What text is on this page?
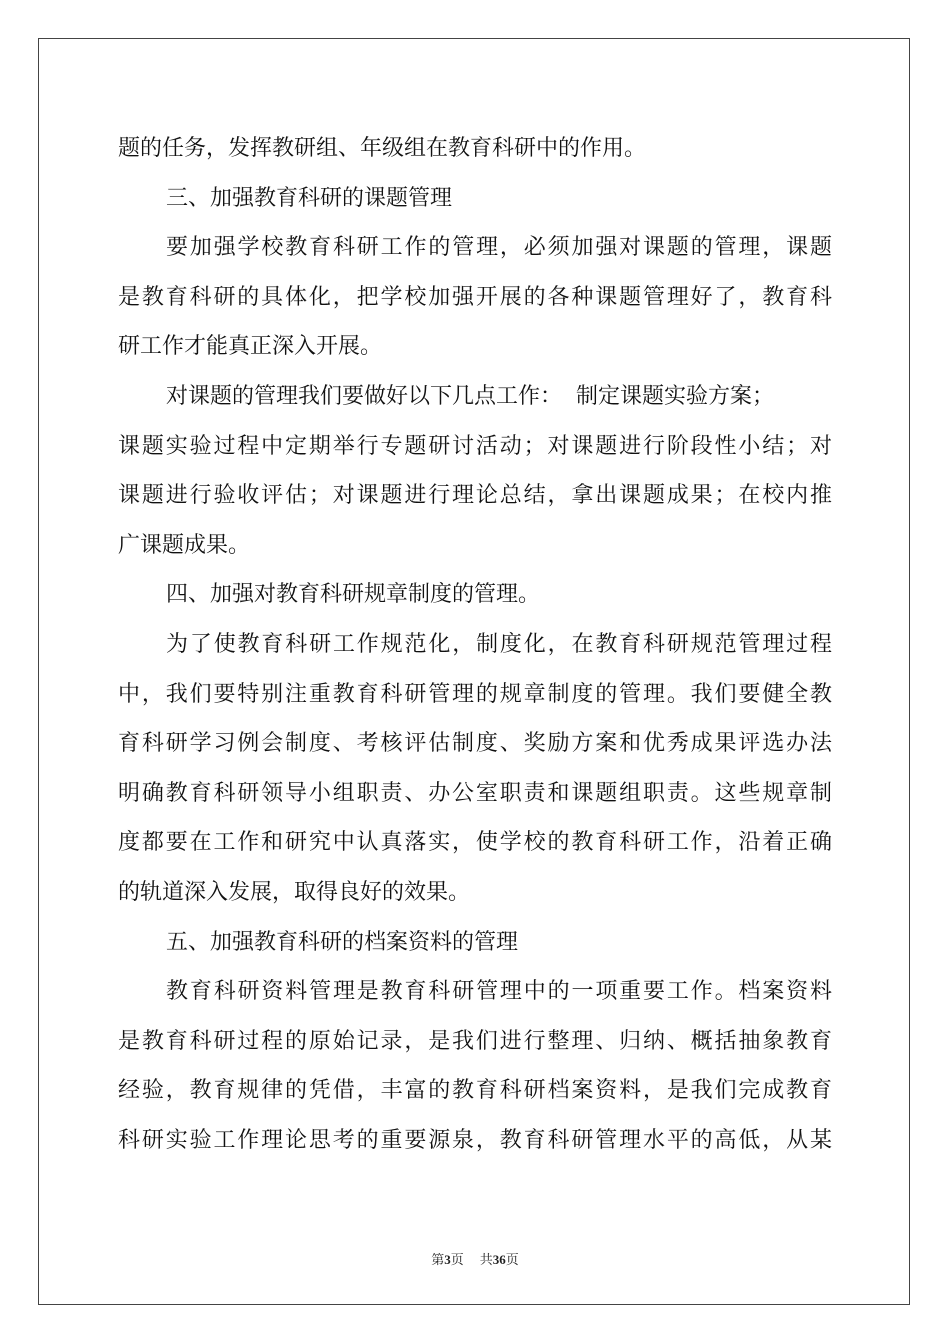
题的任务，发挥教研组、年级组在教育科研中的作用。
三、加强教育科研的课题管理
要加强学校教育科研工作的管理，必须加强对课题的管理，课题
是教育科研的具体化，把学校加强开展的各种课题管理好了，教育科
研工作才能真正深入开展。
对课题的管理我们要做好以下几点工作：  制定课题实验方案；
课题实验过程中定期举行专题研讨活动；对课题进行阶段性小结；对
课题进行验收评估；对课题进行理论总结，拿出课题成果；在校内推
广课题成果。
四、加强对教育科研规章制度的管理。
为了使教育科研工作规范化，制度化，在教育科研规范管理过程
中，我们要特别注重教育科研管理的规章制度的管理。我们要健全教
育科研学习例会制度、考核评估制度、奖励方案和优秀成果评选办法
明确教育科研领导小组职责、办公室职责和课题组职责。这些规章制
度都要在工作和研究中认真落实，使学校的教育科研工作，沿着正确
的轨道深入发展，取得良好的效果。
五、加强教育科研的档案资料的管理
教育科研资料管理是教育科研管理中的一项重要工作。档案资料
是教育科研过程的原始记录，是我们进行整理、归纳、概括抽象教育
经验，教育规律的凭借，丰富的教育科研档案资料，是我们完成教育
科研实验工作理论思考的重要源泉，教育科研管理水平的高低，从某
第3页 共36页
